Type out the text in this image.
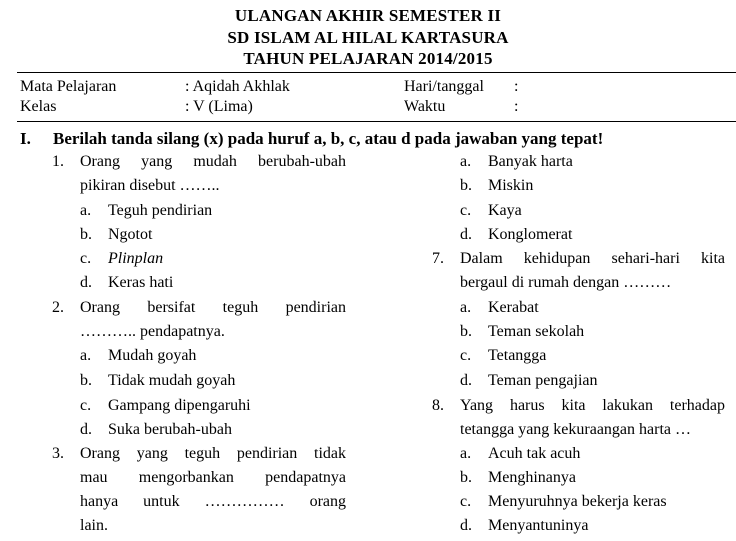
ULANGAN AKHIR SEMESTER II
SD ISLAM AL HILAL KARTASURA
TAHUN PELAJARAN 2014/2015
Mata Pelajaran	: Aqidah Akhlak	Hari/tanggal :
Kelas	: V (Lima)	Waktu	:
I. Berilah tanda silang (x) pada huruf a, b, c, atau d pada jawaban yang tepat!
1. Orang yang mudah berubah-ubah
pikiran disebut ……..
a. Teguh pendirian
b. Ngotot
c. Plinplan
d. Keras hati
2. Orang bersifat teguh pendirian
……….. pendapatnya.
a. Mudah goyah
b. Tidak mudah goyah
c. Gampang dipengaruhi
d. Suka berubah-ubah
3. Orang yang teguh pendirian tidak
mau mengorbankan pendapatnya
hanya untuk …………… orang
lain.
a. Banyak harta
b. Miskin
c. Kaya
d. Konglomerat
7. Dalam kehidupan sehari-hari kita
bergaul di rumah dengan ………
a. Kerabat
b. Teman sekolah
c. Tetangga
d. Teman pengajian
8. Yang harus kita lakukan terhadap
tetangga yang kekuraangan harta …
a. Acuh tak acuh
b. Menghinanya
c. Menyuruhnya bekerja keras
d. Menyantuninya
